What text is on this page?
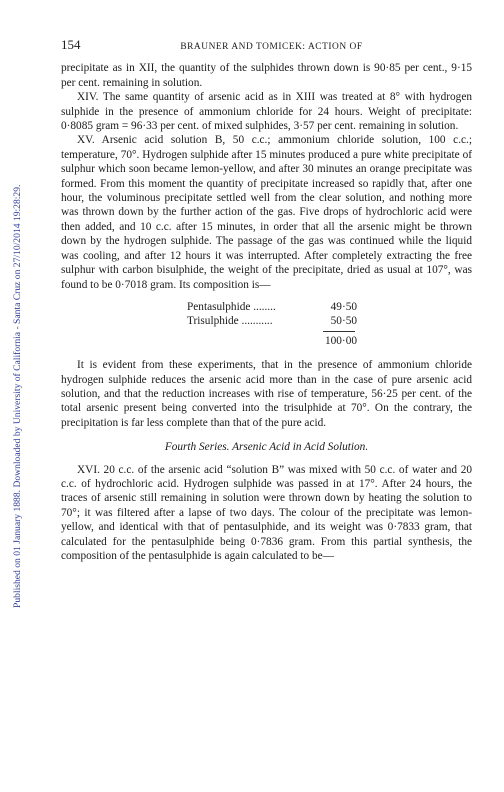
Published on 01 January 1888. Downloaded by University of California - Santa Cruz on 27/10/2014 19:28:29.
154	BRAUNER AND TOMICEK: ACTION OF

precipitate as in XII, the quantity of the sulphides thrown down is 90·85 per cent., 9·15 per cent. remaining in solution.

XIV. The same quantity of arsenic acid as in XIII was treated at 8° with hydrogen sulphide in the presence of ammonium chloride for 24 hours. Weight of precipitate: 0·8085 gram = 96·33 per cent. of mixed sulphides, 3·57 per cent. remaining in solution.

XV. Arsenic acid solution B, 50 c.c.; ammonium chloride solution, 100 c.c.; temperature, 70°. Hydrogen sulphide after 15 minutes produced a pure white precipitate of sulphur which soon became lemon-yellow, and after 30 minutes an orange precipitate was formed. From this moment the quantity of precipitate increased so rapidly that, after one hour, the voluminous precipitate settled well from the clear solution, and nothing more was thrown down by the further action of the gas. Five drops of hydrochloric acid were then added, and 10 c.c. after 15 minutes, in order that all the arsenic might be thrown down by the hydrogen sulphide. The passage of the gas was continued while the liquid was cooling, and after 12 hours it was interrupted. After completely extracting the free sulphur with carbon bisulphide, the weight of the precipitate, dried as usual at 107°, was found to be 0·7018 gram. Its composition is—

Pentasulphide ........	49·50
Trisulphide ...........	50·50
100·00

It is evident from these experiments, that in the presence of ammonium chloride hydrogen sulphide reduces the arsenic acid more than in the case of pure arsenic acid solution, and that the reduction increases with rise of temperature, 56·25 per cent. of the total arsenic present being converted into the trisulphide at 70°. On the contrary, the precipitation is far less complete than that of the pure acid.

Fourth Series. Arsenic Acid in Acid Solution.

XVI. 20 c.c. of the arsenic acid “solution B” was mixed with 50 c.c. of water and 20 c.c. of hydrochloric acid. Hydrogen sulphide was passed in at 17°. After 24 hours, the traces of arsenic still remaining in solution were thrown down by heating the solution to 70°; it was filtered after a lapse of two days. The colour of the precipitate was lemon-yellow, and identical with that of pentasulphide, and its weight was 0·7833 gram, that calculated for the pentasulphide being 0·7836 gram. From this partial synthesis, the composition of the pentasulphide is again calculated to be—
